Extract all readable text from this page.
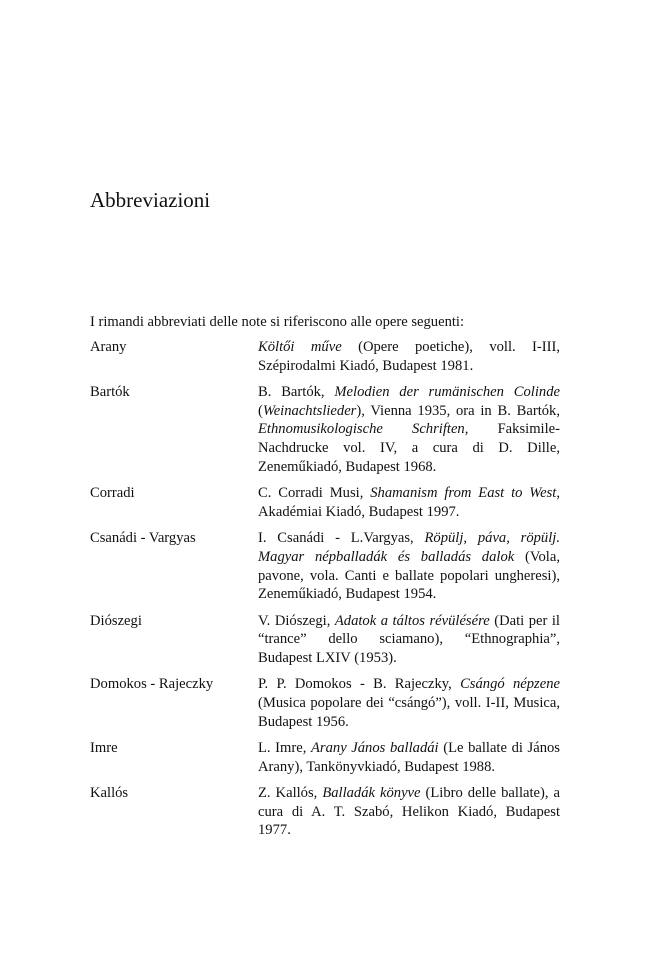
Abbreviazioni
I rimandi abbreviati delle note si riferiscono alle opere seguenti:
Arany	Költői műve (Opere poetiche), voll. I-III, Szépirodalmi Kiadó, Budapest 1981.
Bartók	B. Bartók, Melodien der rumänischen Colinde (Weinachtslieder), Vienna 1935, ora in B. Bartók, Ethnomusikologische Schriften, Faksimile-Nachdrucke vol. IV, a cura di D. Dille, Zeneműkiadó, Budapest 1968.
Corradi	C. Corradi Musi, Shamanism from East to West, Akadémiai Kiadó, Budapest 1997.
Csanádi - Vargyas	I. Csanádi - L.Vargyas, Röpülj, páva, röpülj. Magyar népballadák és balladás dalok (Vola, pavone, vola. Canti e ballate popolari ungheresi), Zeneműkiadó, Budapest 1954.
Diószegi	V. Diószegi, Adatok a táltos révülésére (Dati per il “trance” dello sciamano), “Ethnographia”, Budapest LXIV (1953).
Domokos - Rajeczky	P. P. Domokos - B. Rajeczky, Csángó népzene (Musica popolare dei “csángó”), voll. I-II, Musica, Budapest 1956.
Imre	L. Imre, Arany János balladái (Le ballate di János Arany), Tankönyvkiadó, Budapest 1988.
Kallós	Z. Kallós, Balladák könyve (Libro delle ballate), a cura di A. T. Szabó, Helikon Kiadó, Budapest 1977.
